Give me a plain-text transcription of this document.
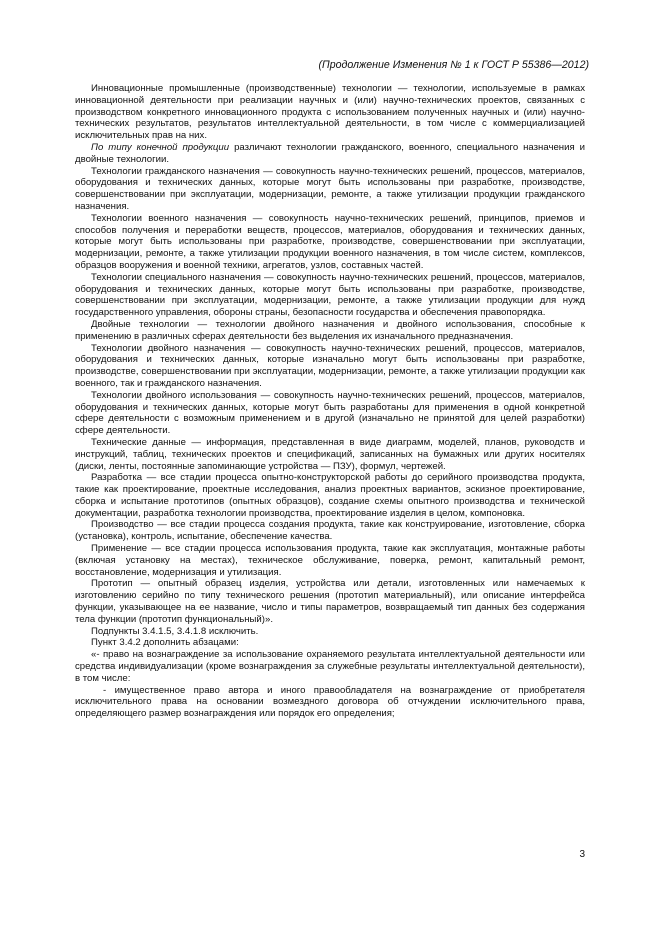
(Продолжение Изменения № 1 к ГОСТ Р 55386—2012)

Инновационные промышленные (производственные) технологии — технологии, используемые в рамках инновационной деятельности при реализации научных и (или) научно-технических проектов, связанных с производством конкретного инновационного продукта с использованием полученных научных и (или) научно-технических результатов, результатов интеллектуальной деятельности, в том числе с коммерциализацией исключительных прав на них.

По типу конечной продукции различают технологии гражданского, военного, специального назначения и двойные технологии.

Технологии гражданского назначения — совокупность научно-технических решений, процессов, материалов, оборудования и технических данных, которые могут быть использованы при разработке, производстве, совершенствовании при эксплуатации, модернизации, ремонте, а также утилизации продукции гражданского назначения.

Технологии военного назначения — совокупность научно-технических решений, принципов, приемов и способов получения и переработки веществ, процессов, материалов, оборудования и технических данных, которые могут быть использованы при разработке, производстве, совершенствовании при эксплуатации, модернизации, ремонте, а также утилизации продукции военного назначения, в том числе систем, комплексов, образцов вооружения и военной техники, агрегатов, узлов, составных частей.

Технологии специального назначения — совокупность научно-технических решений, процессов, материалов, оборудования и технических данных, которые могут быть использованы при разработке, производстве, совершенствовании при эксплуатации, модернизации, ремонте, а также утилизации продукции для нужд государственного управления, обороны страны, безопасности государства и обеспечения правопорядка.

Двойные технологии — технологии двойного назначения и двойного использования, способные к применению в различных сферах деятельности без выделения их изначального предназначения.

Технологии двойного назначения — совокупность научно-технических решений, процессов, материалов, оборудования и технических данных, которые изначально могут быть использованы при разработке, производстве, совершенствовании при эксплуатации, модернизации, ремонте, а также утилизации продукции как военного, так и гражданского назначения.

Технологии двойного использования — совокупность научно-технических решений, процессов, материалов, оборудования и технических данных, которые могут быть разработаны для применения в одной конкретной сфере деятельности с возможным применением и в другой (изначально не принятой для целей разработки) сфере деятельности.

Технические данные — информация, представленная в виде диаграмм, моделей, планов, руководств и инструкций, таблиц, технических проектов и спецификаций, записанных на бумажных или других носителях (диски, ленты, постоянные запоминающие устройства — ПЗУ), формул, чертежей.

Разработка — все стадии процесса опытно-конструкторской работы до серийного производства продукта, такие как проектирование, проектные исследования, анализ проектных вариантов, эскизное проектирование, сборка и испытание прототипов (опытных образцов), создание схемы опытного производства и технической документации, разработка технологии производства, проектирование изделия в целом, компоновка.

Производство — все стадии процесса создания продукта, такие как конструирование, изготовление, сборка (установка), контроль, испытание, обеспечение качества.

Применение — все стадии процесса использования продукта, такие как эксплуатация, монтажные работы (включая установку на местах), техническое обслуживание, поверка, ремонт, капитальный ремонт, восстановление, модернизация и утилизация.

Прототип — опытный образец изделия, устройства или детали, изготовленных или намечаемых к изготовлению серийно по типу технического решения (прототип материальный), или описание интерфейса функции, указывающее на ее название, число и типы параметров, возвращаемый тип данных без содержания тела функции (прототип функциональный)».

Подпункты 3.4.1.5, 3.4.1.8 исключить.

Пункт 3.4.2 дополнить абзацами:

«- право на вознаграждение за использование охраняемого результата интеллектуальной деятельности или средства индивидуализации (кроме вознаграждения за служебные результаты интеллектуальной деятельности), в том числе:

- имущественное право автора и иного правообладателя на вознаграждение от приобретателя исключительного права на основании возмездного договора об отчуждении исключительного права, определяющего размер вознаграждения или порядок его определения;

3
